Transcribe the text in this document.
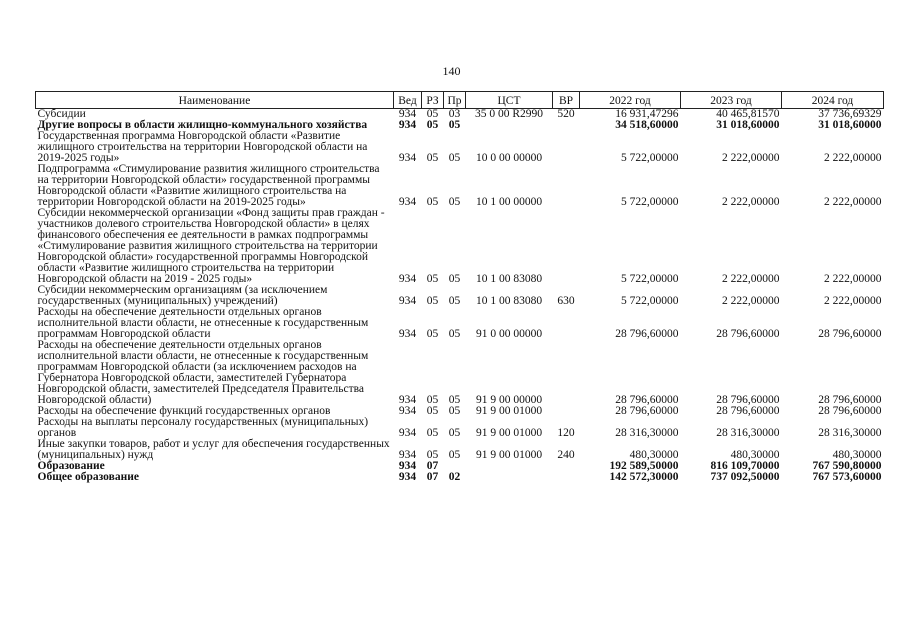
140
Наименование	Вед	РЗ	Пр	ЦСТ	ВР	2022 год	2023 год	2024 год
Субсидии	934	05	03	35 0 00 R2990	520	16 931,47296	40 465,81570	37 736,69329
Другие вопросы в области жилищно-коммунального хозяйства	934	05	05			34 518,60000	31 018,60000	31 018,60000
Государственная программа Новгородской области «Развитие жилищного строительства на территории Новгородской области на 2019-2025 годы»	934	05	05	10 0 00 00000		5 722,00000	2 222,00000	2 222,00000
Подпрограмма «Стимулирование развития жилищного строительства на территории Новгородской области» государственной программы Новгородской области «Развитие жилищного строительства на территории Новгородской области на 2019-2025 годы»	934	05	05	10 1 00 00000		5 722,00000	2 222,00000	2 222,00000
Субсидии некоммерческой организации «Фонд защиты прав граждан - участников долевого строительства Новгородской области» в целях финансового обеспечения ее деятельности в рамках подпрограммы «Стимулирование развития жилищного строительства на территории Новгородской области» государственной программы Новгородской области «Развитие жилищного строительства на территории Новгородской области на 2019 - 2025 годы»	934	05	05	10 1 00 83080		5 722,00000	2 222,00000	2 222,00000
Субсидии некоммерческим организациям (за исключением государственных (муниципальных) учреждений)	934	05	05	10 1 00 83080	630	5 722,00000	2 222,00000	2 222,00000
Расходы на обеспечение деятельности отдельных органов исполнительной власти области, не отнесенные к государственным программам Новгородской области	934	05	05	91 0 00 00000		28 796,60000	28 796,60000	28 796,60000
Расходы на обеспечение деятельности отдельных органов исполнительной власти области, не отнесенные к государственным программам Новгородской области (за исключением расходов на Губернатора Новгородской области, заместителей Губернатора Новгородской области, заместителей Председателя Правительства Новгородской области)	934	05	05	91 9 00 00000		28 796,60000	28 796,60000	28 796,60000
Расходы на обеспечение функций государственных органов	934	05	05	91 9 00 01000		28 796,60000	28 796,60000	28 796,60000
Расходы на выплаты персоналу государственных (муниципальных) органов	934	05	05	91 9 00 01000	120	28 316,30000	28 316,30000	28 316,30000
Иные закупки товаров, работ и услуг для обеспечения государственных (муниципальных) нужд	934	05	05	91 9 00 01000	240	480,30000	480,30000	480,30000
Образование	934	07				192 589,50000	816 109,70000	767 590,80000
Общее образование	934	07	02			142 572,30000	737 092,50000	767 573,60000
